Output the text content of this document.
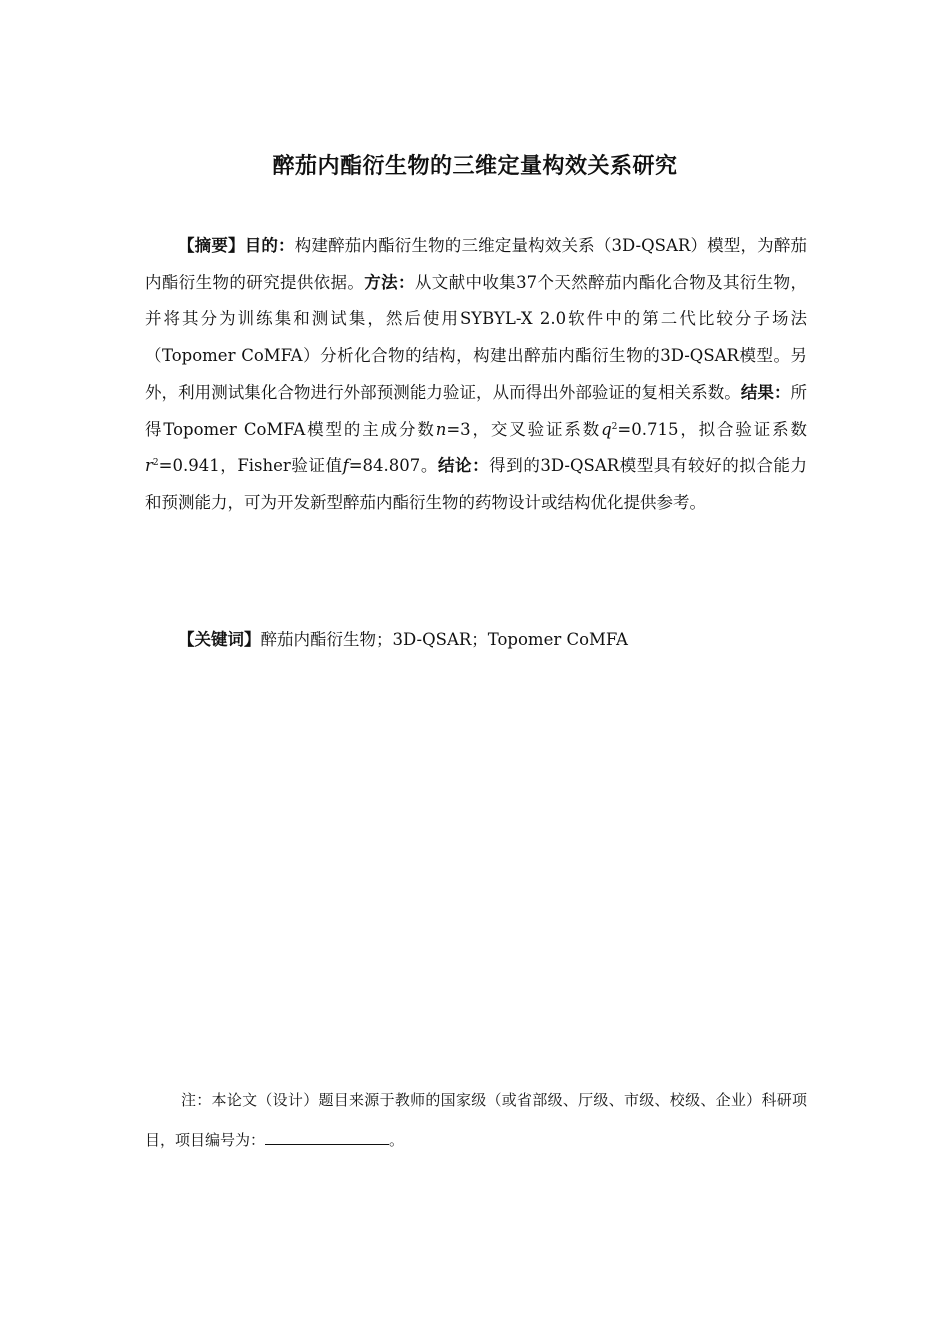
醉茄内酯衍生物的三维定量构效关系研究
【摘要】目的：构建醉茄内酯衍生物的三维定量构效关系（3D-QSAR）模型，为醉茄内酯衍生物的研究提供依据。方法：从文献中收集37个天然醉茄内酯化合物及其衍生物，并将其分为训练集和测试集，然后使用SYBYL-X 2.0软件中的第二代比较分子场法（Topomer CoMFA）分析化合物的结构，构建出醉茄内酯衍生物的3D-QSAR模型。另外，利用测试集化合物进行外部预测能力验证，从而得出外部验证的复相关系数。结果：所得Topomer CoMFA模型的主成分数n=3，交叉验证系数$q^2=0.715$，拟合验证系数$r^2=0.941$，Fisher验证值f=84.807。结论：得到的3D-QSAR模型具有较好的拟合能力和预测能力，可为开发新型醉茄内酯衍生物的药物设计或结构优化提供参考。
【关键词】醉茄内酯衍生物；3D-QSAR；Topomer CoMFA
注：本论文（设计）题目来源于教师的国家级（或省部级、厅级、市级、校级、企业）科研项目，项目编号为：	。
